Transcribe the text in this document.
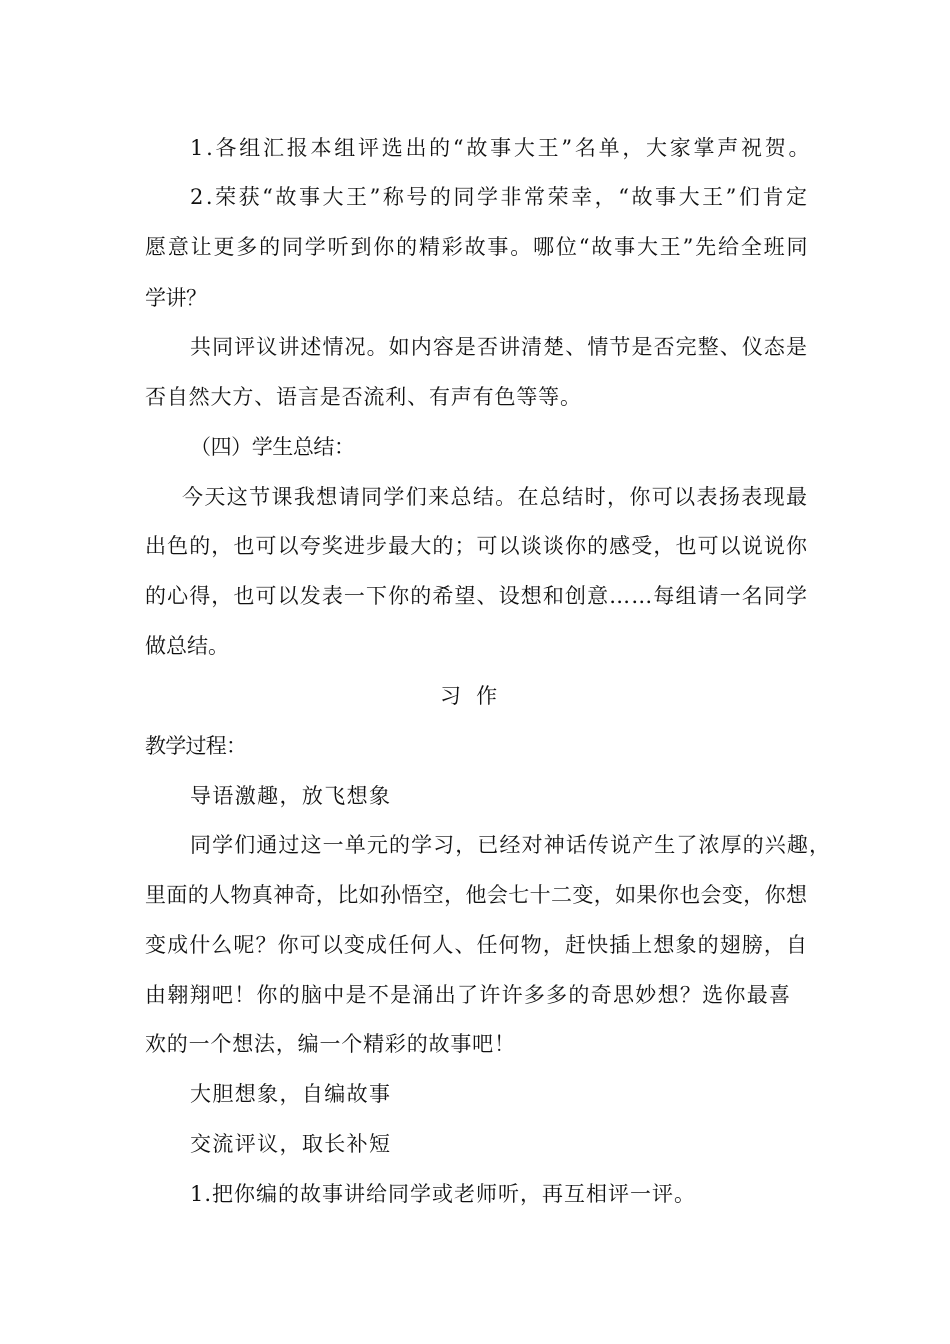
1.各组汇报本组评选出的“故事大王”名单，大家掌声祝贺。
2.荣获“故事大王”称号的同学非常荣幸，“故事大王”们肯定
愿意让更多的同学听到你的精彩故事。哪位“故事大王”先给全班同
学讲？
共同评议讲述情况。如内容是否讲清楚、情节是否完整、仪态是
否自然大方、语言是否流利、有声有色等等。
（四）学生总结：
今天这节课我想请同学们来总结。在总结时，你可以表扬表现最
出色的，也可以夸奖进步最大的；可以谈谈你的感受，也可以说说你
的心得，也可以发表一下你的希望、设想和创意……每组请一名同学
做总结。
习 作
教学过程：
导语激趣，放飞想象
同学们通过这一单元的学习，已经对神话传说产生了浓厚的兴趣，
里面的人物真神奇，比如孙悟空，他会七十二变，如果你也会变，你想
变成什么呢？你可以变成任何人、任何物，赶快插上想象的翅膀，自
由翱翔吧！你的脑中是不是涌出了许许多多的奇思妙想？选你最喜
欢的一个想法，编一个精彩的故事吧！
大胆想象，自编故事
交流评议，取长补短
1.把你编的故事讲给同学或老师听，再互相评一评。
